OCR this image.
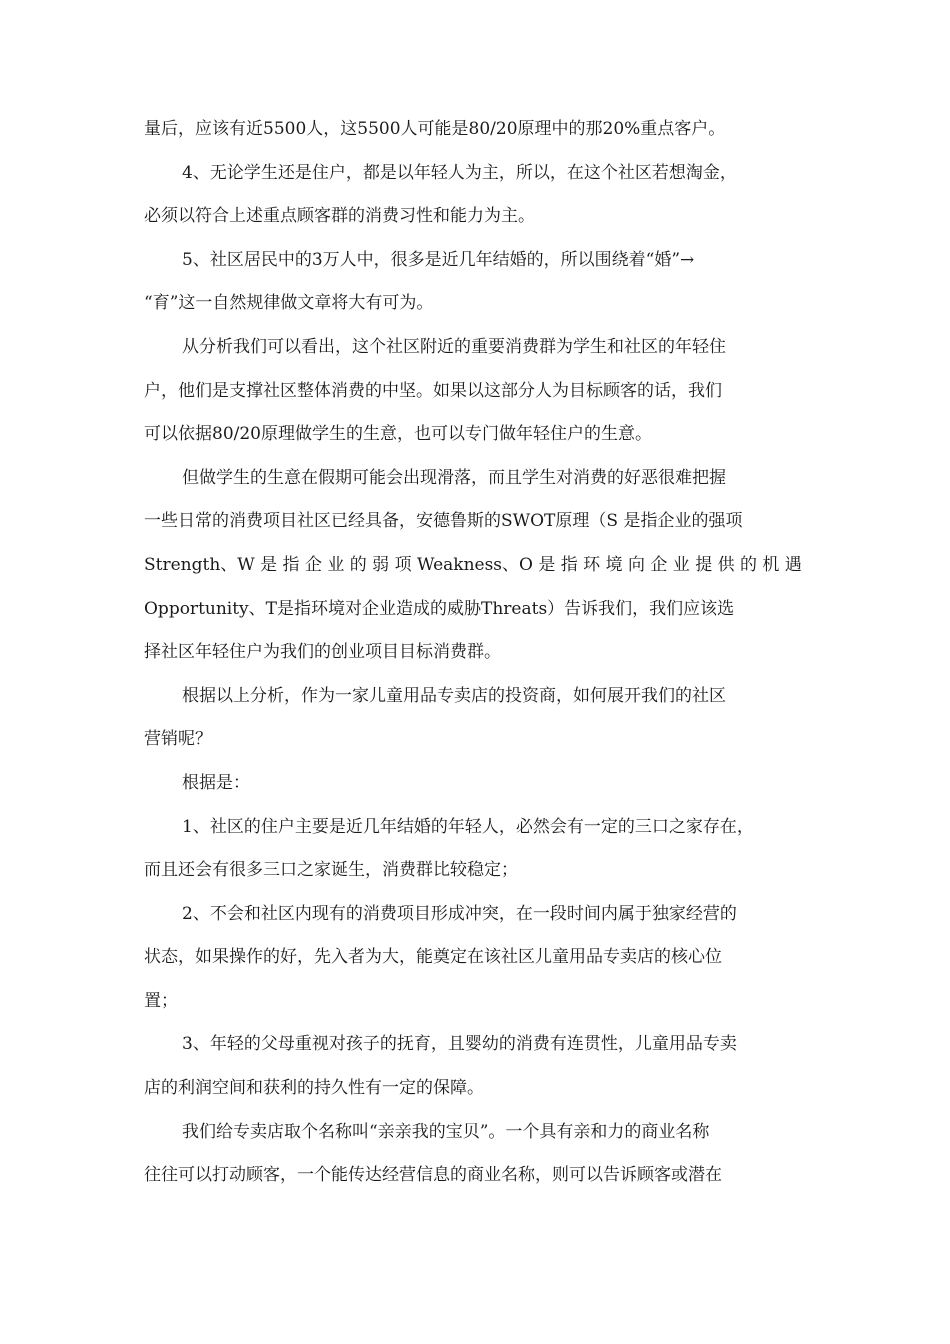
量后，应该有近5500人，这5500人可能是80/20原理中的那20%重点客户。
4、无论学生还是住户，都是以年轻人为主，所以，在这个社区若想淘金，
必须以符合上述重点顾客群的消费习性和能力为主。
5、社区居民中的3万人中，很多是近几年结婚的，所以围绕着“婚”→
“育”这一自然规律做文章将大有可为。
从分析我们可以看出，这个社区附近的重要消费群为学生和社区的年轻住
户，他们是支撑社区整体消费的中坚。如果以这部分人为目标顾客的话，我们
可以依据80/20原理做学生的生意，也可以专门做年轻住户的生意。
但做学生的生意在假期可能会出现滑落，而且学生对消费的好恶很难把握
一些日常的消费项目社区已经具备，安德鲁斯的SWOT原理（S 是指企业的强项
Strength、W 是 指 企 业 的 弱 项 Weakness、O 是 指 环 境 向 企 业 提 供 的 机 遇
Opportunity、T是指环境对企业造成的威胁Threats）告诉我们，我们应该选
择社区年轻住户为我们的创业项目目标消费群。
根据以上分析，作为一家儿童用品专卖店的投资商，如何展开我们的社区
营销呢？
根据是：
1、社区的住户主要是近几年结婚的年轻人，必然会有一定的三口之家存在，
而且还会有很多三口之家诞生，消费群比较稳定；
2、不会和社区内现有的消费项目形成冲突，在一段时间内属于独家经营的
状态，如果操作的好，先入者为大，能奠定在该社区儿童用品专卖店的核心位
置；
3、年轻的父母重视对孩子的抚育，且婴幼的消费有连贯性，儿童用品专卖
店的利润空间和获利的持久性有一定的保障。
我们给专卖店取个名称叫“亲亲我的宝贝”。一个具有亲和力的商业名称
往往可以打动顾客，一个能传达经营信息的商业名称，则可以告诉顾客或潜在
